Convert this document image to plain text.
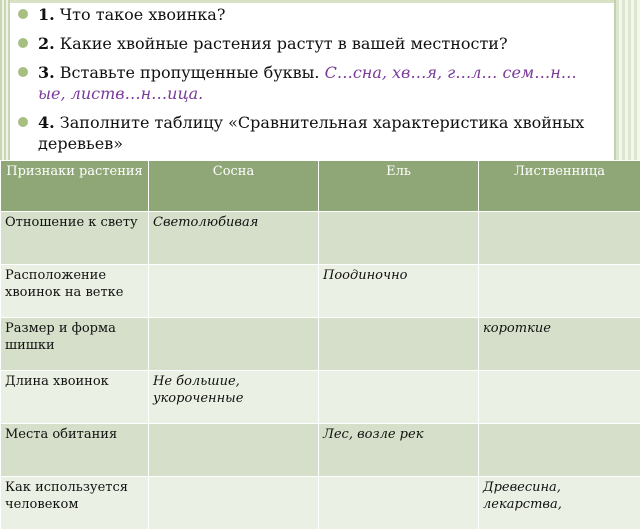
1. Что такое хвоинка?
2. Какие хвойные растения растут в вашей местности?
3. Вставьте пропущенные буквы. С…сна, хв…я, г…л… сем…н…ые, листв…н…ица.
4. Заполните таблицу «Сравнительная характеристика хвойных деревьев»
Признаки растения	Сосна	Ель	Лиственница
Отношение к свету	Светолюбивая		
Расположение хвоинок на ветке		Поодиночно	
Размер и форма шишки			короткие
Длина хвоинок	Не большие, укороченные		
Места обитания		Лес, возле рек	
Как используется человеком			Древесина, лекарства,
